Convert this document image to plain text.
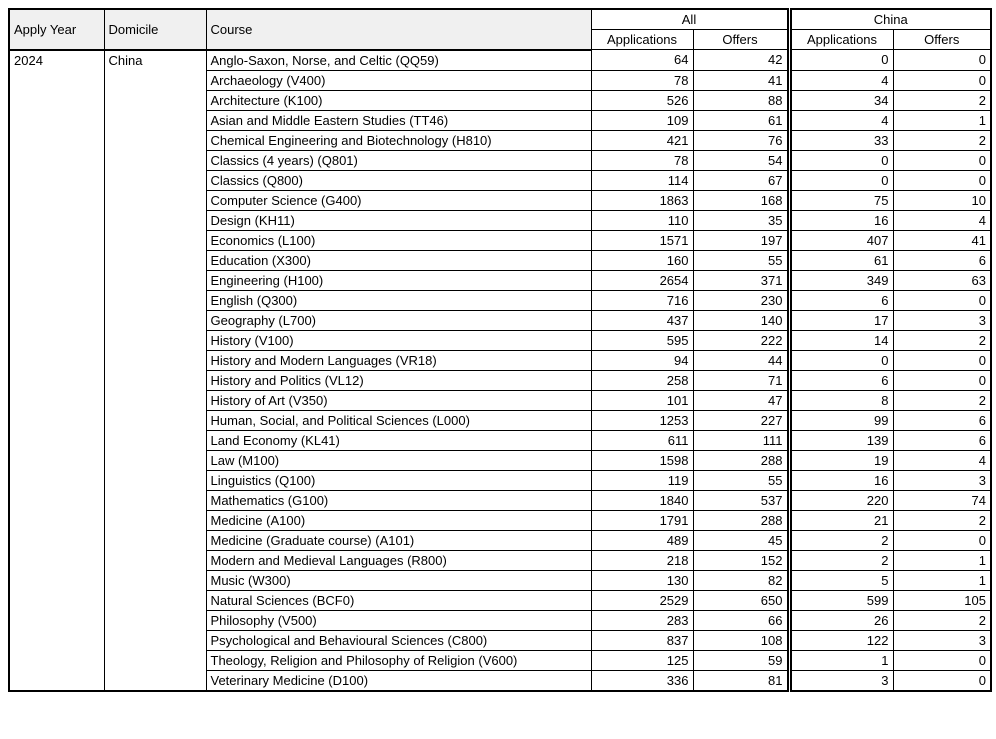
Apply Year	Domicile	Course	All		China	
			Applications	Offers	Applications	Offers
2024	China	Anglo-Saxon, Norse, and Celtic (QQ59)	64	42	0	0
		Archaeology (V400)	78	41	4	0
		Architecture (K100)	526	88	34	2
		Asian and Middle Eastern Studies (TT46)	109	61	4	1
		Chemical Engineering and Biotechnology (H810)	421	76	33	2
		Classics (4 years) (Q801)	78	54	0	0
		Classics (Q800)	114	67	0	0
		Computer Science (G400)	1863	168	75	10
		Design (KH11)	110	35	16	4
		Economics (L100)	1571	197	407	41
		Education (X300)	160	55	61	6
		Engineering (H100)	2654	371	349	63
		English (Q300)	716	230	6	0
		Geography (L700)	437	140	17	3
		History (V100)	595	222	14	2
		History and Modern Languages (VR18)	94	44	0	0
		History and Politics (VL12)	258	71	6	0
		History of Art (V350)	101	47	8	2
		Human, Social, and Political Sciences (L000)	1253	227	99	6
		Land Economy (KL41)	611	111	139	6
		Law (M100)	1598	288	19	4
		Linguistics (Q100)	119	55	16	3
		Mathematics (G100)	1840	537	220	74
		Medicine (A100)	1791	288	21	2
		Medicine (Graduate course) (A101)	489	45	2	0
		Modern and Medieval Languages (R800)	218	152	2	1
		Music (W300)	130	82	5	1
		Natural Sciences (BCF0)	2529	650	599	105
		Philosophy (V500)	283	66	26	2
		Psychological and Behavioural Sciences (C800)	837	108	122	3
		Theology, Religion and Philosophy of Religion (V600)	125	59	1	0
		Veterinary Medicine (D100)	336	81	3	0
